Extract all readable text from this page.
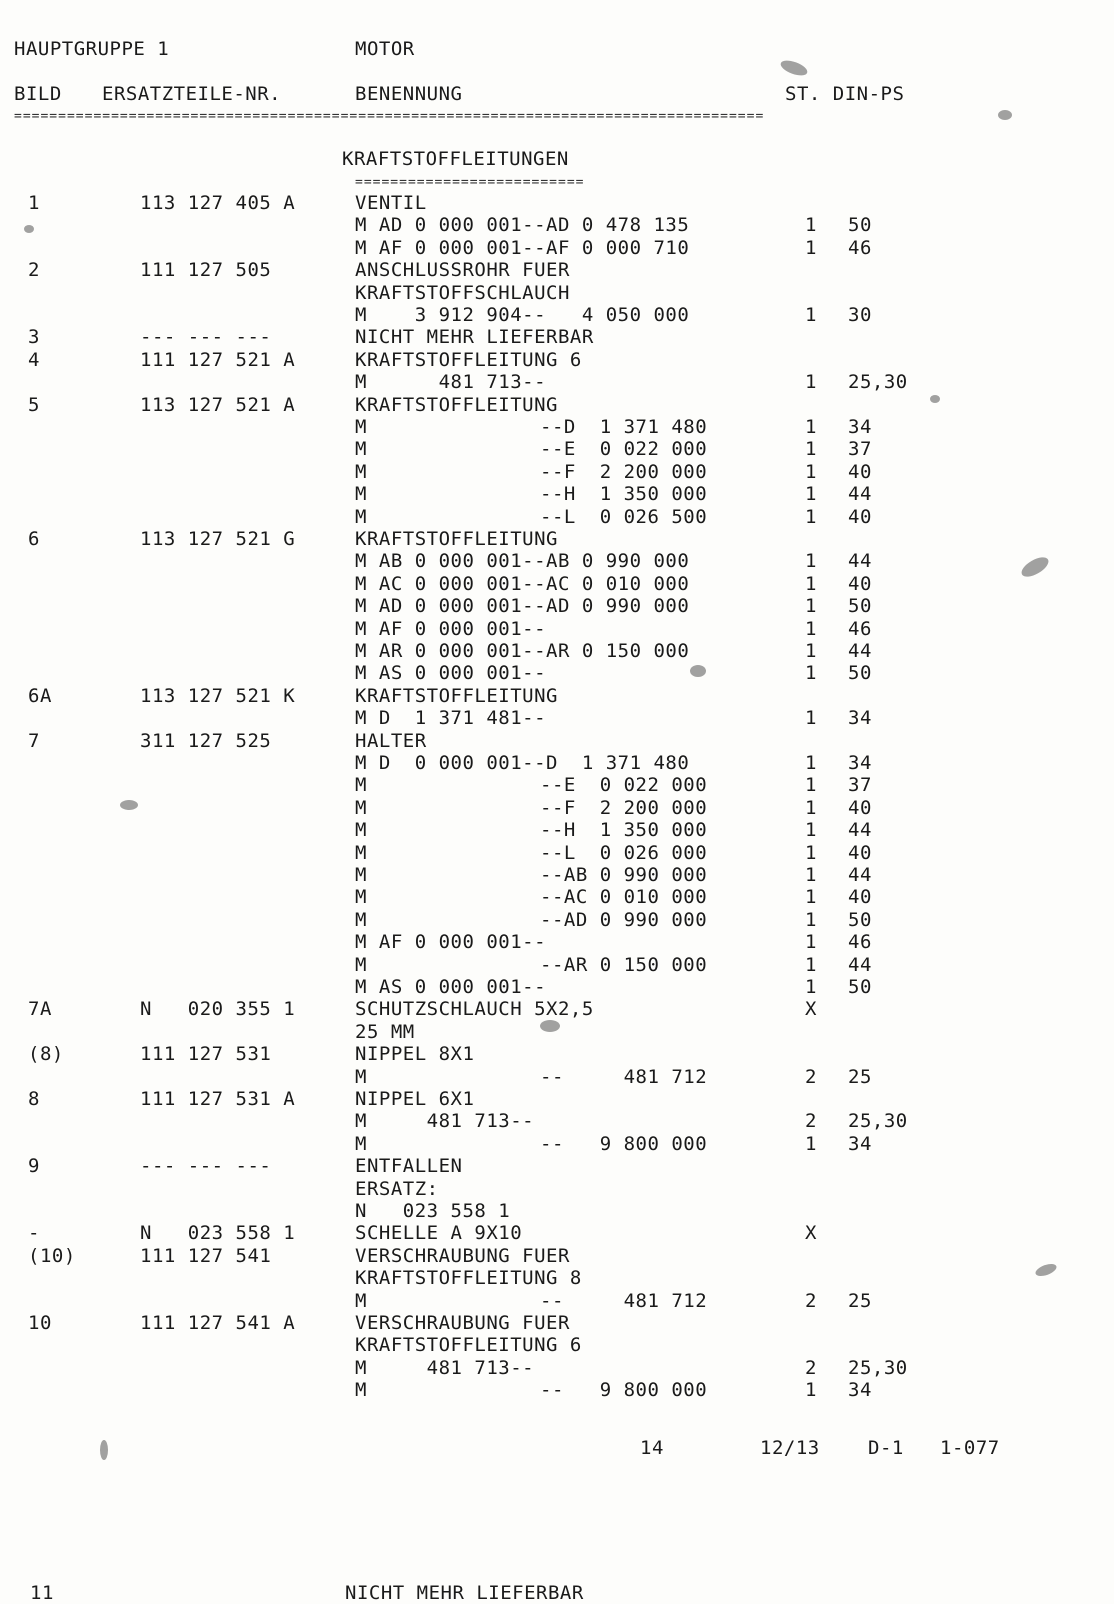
HAUPTGRUPPE 1	MOTOR
BILD ERSATZTEILE-NR.	BENENNUNG	ST. DIN-PS
=====================================================================================
KRAFTSTOFFLEITUNGEN
==========================
1	113 127 405 A	VENTIL
M AD 0 000 001--AD 0 478 135	1 50
M AF 0 000 001--AF 0 000 710	1 46
2	111 127 505	ANSCHLUSSROHR FUER
KRAFTSTOFFSCHLAUCH
M    3 912 904--   4 050 000	1 30
3	--- --- ---	NICHT MEHR LIEFERBAR
4	111 127 521 A	KRAFTSTOFFLEITUNG 6
M      481 713--	1 25,30
5	113 127 521 A	KRAFTSTOFFLEITUNG
M	--D  1 371 480	1 34
M	--E  0 022 000	1 37
M	--F  2 200 000	1 40
M	--H  1 350 000	1 44
M	--L  0 026 500	1 40
6	113 127 521 G	KRAFTSTOFFLEITUNG
M AB 0 000 001--AB 0 990 000	1 44
M AC 0 000 001--AC 0 010 000	1 40
M AD 0 000 001--AD 0 990 000	1 50
M AF 0 000 001--	1 46
M AR 0 000 001--AR 0 150 000	1 44
M AS 0 000 001--	1 50
6A	113 127 521 K	KRAFTSTOFFLEITUNG
M D  1 371 481--	1 34
7	311 127 525	HALTER
M D  0 000 001--D  1 371 480	1 34
M	--E  0 022 000	1 37
M	--F  2 200 000	1 40
M	--H  1 350 000	1 44
M	--L  0 026 000	1 40
M	--AB 0 990 000	1 44
M	--AC 0 010 000	1 40
M	--AD 0 990 000	1 50
M AF 0 000 001--	1 46
M	--AR 0 150 000	1 44
M AS 0 000 001--	1 50
7A	N   020 355 1	SCHUTZSCHLAUCH 5X2,5	X
25 MM
(8)	111 127 531	NIPPEL 8X1
M	--     481 712	2 25
8	111 127 531 A	NIPPEL 6X1
M     481 713--	2 25,30
M	--   9 800 000	1 34
9	--- --- ---	ENTFALLEN
ERSATZ:
N   023 558 1
-	N   023 558 1	SCHELLE A 9X10	X
(10)	111 127 541	VERSCHRAUBUNG FUER
KRAFTSTOFFLEITUNG 8
M	--     481 712	2 25
10	111 127 541 A	VERSCHRAUBUNG FUER
KRAFTSTOFFLEITUNG 6
M     481 713--	2 25,30
M	--   9 800 000	1 34
14	12/13	D-1 1-077
11	NICHT MEHR LIEFERBAR
